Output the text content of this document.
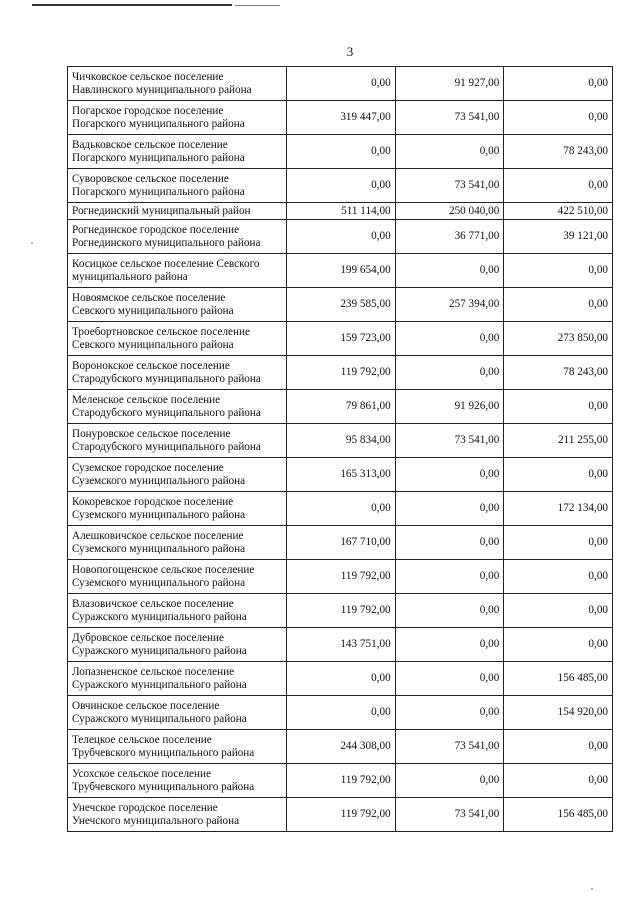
3
Чичковское сельское поселение
Навлинского муниципального района	0,00	91 927,00	0,00
Погарское городское поселение
Погарского муниципального района	319 447,00	73 541,00	0,00
Вадьковское сельское поселение
Погарского муниципального района	0,00	0,00	78 243,00
Суворовское сельское поселение
Погарского муниципального района	0,00	73 541,00	0,00
Рогнединский муниципальный район	511 114,00	250 040,00	422 510,00
Рогнединское городское поселение
Рогнединского муниципального района	0,00	36 771,00	39 121,00
Косицкое сельское поселение Севского
муниципального района	199 654,00	0,00	0,00
Новоямское сельское поселение
Севского муниципального района	239 585,00	257 394,00	0,00
Троебортновское сельское поселение
Севского муниципального района	159 723,00	0,00	273 850,00
Воронокское сельское поселение
Стародубского муниципального района	119 792,00	0,00	78 243,00
Меленское сельское поселение
Стародубского муниципального района	79 861,00	91 926,00	0,00
Понуровское сельское поселение
Стародубского муниципального района	95 834,00	73 541,00	211 255,00
Суземское городское поселение
Суземского муниципального района	165 313,00	0,00	0,00
Кокоревское городское поселение
Суземского муниципального района	0,00	0,00	172 134,00
Алешковичское сельское поселение
Суземского муниципального района	167 710,00	0,00	0,00
Новопогощенское сельское поселение
Суземского муниципального района	119 792,00	0,00	0,00
Влазовичское сельское поселение
Суражского муниципального района	119 792,00	0,00	0,00
Дубровское сельское поселение
Суражского муниципального района	143 751,00	0,00	0,00
Лопазненское сельское поселение
Суражского муниципального района	0,00	0,00	156 485,00
Овчинское сельское поселение
Суражского муниципального района	0,00	0,00	154 920,00
Телецкое сельское поселение
Трубчевского муниципального района	244 308,00	73 541,00	0,00
Усохское сельское поселение
Трубчевского муниципального района	119 792,00	0,00	0,00
Унечское городское поселение
Унечского муниципального района	119 792,00	73 541,00	156 485,00
